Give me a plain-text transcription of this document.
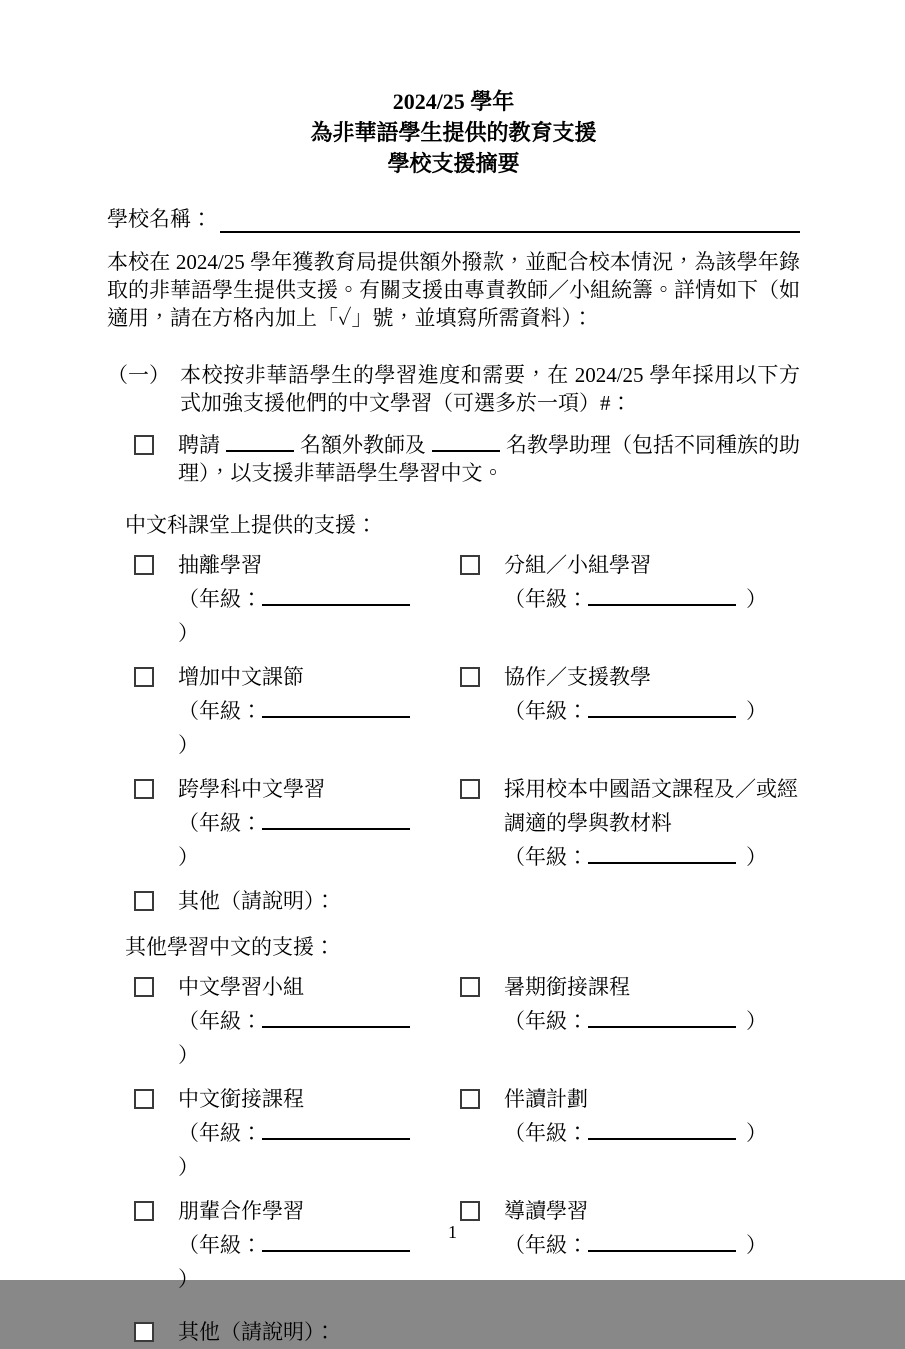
2024/25 學年
為非華語學生提供的教育支援
學校支援摘要
學校名稱：
本校在 2024/25 學年獲教育局提供額外撥款，並配合校本情況，為該學年錄取的非華語學生提供支援。有關支援由專責教師／小組統籌。詳情如下（如適用，請在方格內加上「✓」號，並填寫所需資料）：
（一） 本校按非華語學生的學習進度和需要，在 2024/25 學年採用以下方式加強支援他們的中文學習（可選多於一項）#：
聘請	名額外教師及	名教學助理（包括不同種族的助理），以支援非華語學生學習中文。
中文科課堂上提供的支援：
抽離學習
（年級：）
分組／小組學習
（年級：	）
增加中文課節
（年級：）
協作／支援教學
（年級：	）
跨學科中文學習
（年級：）
採用校本中國語文課程及／或經調適的學與教材料
（年級：	）
其他（請說明）：
其他學習中文的支援：
中文學習小組
（年級：）
暑期銜接課程
（年級：	）
中文銜接課程
（年級：）
伴讀計劃
（年級：	）
朋輩合作學習
（年級：）
導讀學習
（年級：	）
其他（請說明）：
1
